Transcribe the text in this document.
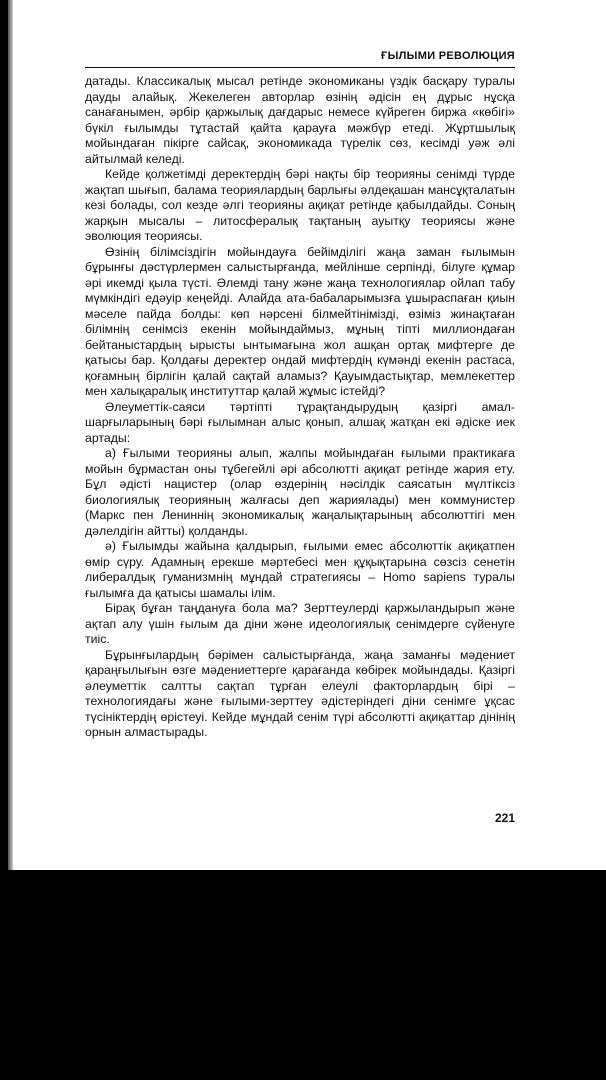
ҒЫЛЫМИ РЕВОЛЮЦИЯ

датады. Классикалық мысал ретінде экономиканы үздік басқару туралы дауды алайық. Жекелеген авторлар өзінің әдісін ең дұрыс нұсқа санағанымен, әрбір қаржылық дағдарыс немесе күйреген биржа «көбігі» бүкіл ғылымды тұтастай қайта қарауға мәжбүр етеді. Жұртшылық мойындаған пікірге сайсақ, экономикада түрелік сөз, кесімді уәж әлі айтылмай келеді.

Кейде қолжетімді деректердің бәрі нақты бір теорияны сенімді түрде жақтап шығып, балама теориялардың барлығы әлдеқашан мансұқталатын кезі болады, сол кезде әлгі теорияны ақиқат ретінде қабылдайды. Соның жарқын мысалы – литосфералық тақтаның ауытқу теориясы және эволюция теориясы.

Өзінің білімсіздігін мойындауға бейімділігі жаңа заман ғылымын бұрынғы дәстүрлермен салыстырғанда, мейлінше серпінді, білуге құмар әрі икемді қыла түсті. Әлемді тану және жаңа технологиялар ойлап табу мүмкіндігі едәуір кеңейді. Алайда ата-бабаларымызға ұшыраспаған қиын мәселе пайда болды: көп нәрсені білмейтінімізді, өзіміз жинақтаған білімнің сенімсіз екенін мойындаймыз, мұның тіпті миллиондаған бейтаныстардың ырысты ынтымағына жол ашқан ортақ мифтерге де қатысы бар. Қолдағы деректер ондай мифтердің күмәнді екенін растаса, қоғамның бірлігін қалай сақтай аламыз? Қауымдастықтар, мемлекеттер мен халықаралық институттар қалай жұмыс істейді?

Әлеуметтік-саяси тәртіпті тұрақтандырудың қазіргі амал-шарғыларының бәрі ғылымнан алыс қонып, алшақ жатқан екі әдіске иек артады:

а) Ғылыми теорияны алып, жалпы мойындаған ғылыми практикаға мойын бұрмастан оны тұбегейлі әрі абсолютті ақиқат ретінде жария ету. Бұл әдісті нацистер (олар өздерінің нәсілдік саясатын мүлтіксіз биологиялық теорияның жалғасы деп жариялады) мен коммунистер (Маркс пен Лениннің экономикалық жаңалықтарының абсолюттігі мен дәлелдігін айтты) қолданды.

ә) Ғылымды жайына қалдырып, ғылыми емес абсолюттік ақиқатпен өмір сүру. Адамның ерекше мәртебесі мен құқықтарына сөзсіз сенетін либералдық гуманизмнің мұндай стратегиясы – Homo sapiens туралы ғылымға да қатысы шамалы ілім.

Бірақ бұған таңдануға бола ма? Зерттеулерді қаржыландырып және ақтап алу үшін ғылым да діни және идеологиялық сенімдерге сүйенуге тиіс.

Бұрынғылардың бәрімен салыстырғанда, жаңа заманғы мәдениет қараңғылығын өзге мәдениеттерге қарағанда көбірек мойындады. Қазіргі әлеуметтік салтты сақтап тұрған елеулі факторлардың бірі – технологиядағы және ғылыми-зерттеу әдістеріндегі діни сенімге ұқсас түсініктердің өрістеуі. Кейде мұндай сенім түрі абсолютті ақиқаттар дінінің орнын алмастырады.

221
